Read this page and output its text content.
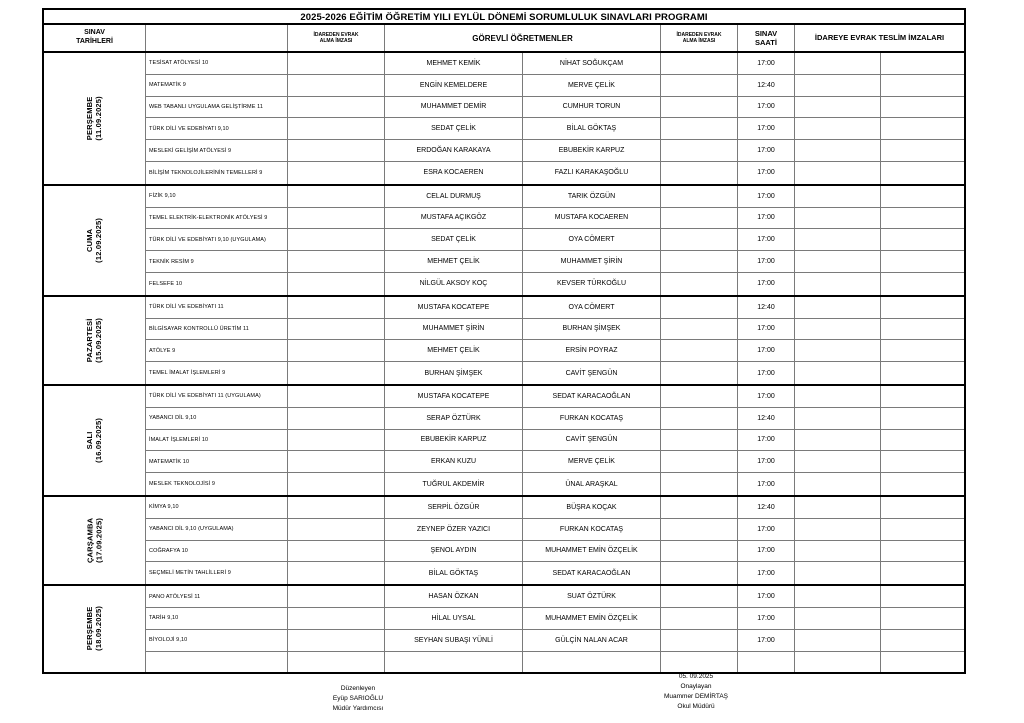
2025-2026 EĞİTİM ÖĞRETİM YILI EYLÜL DÖNEMİ SORUMLULUK SINAVLARI PROGRAMI
SINAV TARİHLERİ
İDAREDEN EVRAK ALMA İMZASI	GÖREVLİ ÖĞRETMENLER	İDAREDEN EVRAK ALMA İMZASI
SINAV SAATİ
İDAREYE EVRAK TESLİM İMZALARI
PERŞEMBE (11.09.2025)
TESİSAT ATÖLYESİ 10	MEHMET KEMİK	NİHAT SOĞUKÇAM	17:00
MATEMATİK 9	ENGİN KEMELDERE	MERVE ÇELİK	12:40
WEB TABANLI UYGULAMA GELİŞTİRME 11	MUHAMMET DEMİR	CUMHUR TORUN	17:00
TÜRK DİLİ VE EDEBİYATI 9,10	SEDAT ÇELİK	BİLAL GÖKTAŞ	17:00
MESLEKİ GELİŞİM ATÖLYESİ 9	ERDOĞAN KARAKAYA	EBUBEKİR KARPUZ	17:00
BİLİŞİM TEKNOLOJİLERİNİN TEMELLERİ 9	ESRA KOCAEREN	FAZLI KARAKAŞOĞLU	17:00
CUMA (12.09.2025)
FİZİK 9,10	CELAL DURMUŞ	TARIK ÖZGÜN	17:00
TEMEL ELEKTRİK-ELEKTRONİK ATÖLYESİ 9	MUSTAFA AÇIKGÖZ	MUSTAFA KOCAEREN	17:00
TÜRK DİLİ VE EDEBİYATI 9,10 (UYGULAMA)	SEDAT ÇELİK	OYA CÖMERT	17:00
TEKNİK RESİM 9	MEHMET ÇELİK	MUHAMMET ŞİRİN	17:00
FELSEFE 10	NİLGÜL AKSOY KOÇ	KEVSER TÜRKOĞLU	17:00
PAZARTESİ (15.09.2025)
TÜRK DİLİ VE EDEBİYATI 11	MUSTAFA KOCATEPE	OYA CÖMERT	12:40
BİLGİSAYAR KONTROLLÜ ÜRETİM 11	MUHAMMET ŞİRİN	BURHAN ŞİMŞEK	17:00
ATÖLYE 9	MEHMET ÇELİK	ERSİN POYRAZ	17:00
TEMEL İMALAT İŞLEMLERİ 9	BURHAN ŞİMŞEK	CAVİT ŞENGÜN	17:00
SALI (16.09.2025)
TÜRK DİLİ VE EDEBİYATI 11 (UYGULAMA)	MUSTAFA KOCATEPE	SEDAT KARACAOĞLAN	17:00
YABANCI DİL 9,10	SERAP ÖZTÜRK	FURKAN KOCATAŞ	12:40
İMALAT İŞLEMLERİ 10	EBUBEKİR KARPUZ	CAVİT ŞENGÜN	17:00
MATEMATİK 10	ERKAN KUZU	MERVE ÇELİK	17:00
MESLEK TEKNOLOJİSİ 9	TUĞRUL AKDEMİR	ÜNAL ARAŞKAL	17:00
ÇARŞAMBA (17.09.2025)
KİMYA 9,10	SERPİL ÖZGÜR	BÜŞRA KOÇAK	12:40
YABANCI DİL 9,10 (UYGULAMA)	ZEYNEP ÖZER YAZICI	FURKAN KOCATAŞ	17:00
COĞRAFYA 10	ŞENOL AYDIN	MUHAMMET EMİN ÖZÇELİK	17:00
SEÇMELİ METİN TAHLİLLERİ 9	BİLAL GÖKTAŞ	SEDAT KARACAOĞLAN	17:00
PERŞEMBE (18.09.2025)
PANO ATÖLYESİ 11	HASAN ÖZKAN	SUAT ÖZTÜRK	17:00
TARİH 9,10	HİLAL UYSAL	MUHAMMET EMİN ÖZÇELİK	17:00
BİYOLOJİ 9,10	SEYHAN SUBAŞI YÜNLİ	GÜLÇİN NALAN ACAR	17:00
Düzenleyen
Eyüp SARIOĞLU
Müdür Yardımcısı
05. 09.2025
Onaylayan
Muammer DEMİRTAŞ
Okul Müdürü
